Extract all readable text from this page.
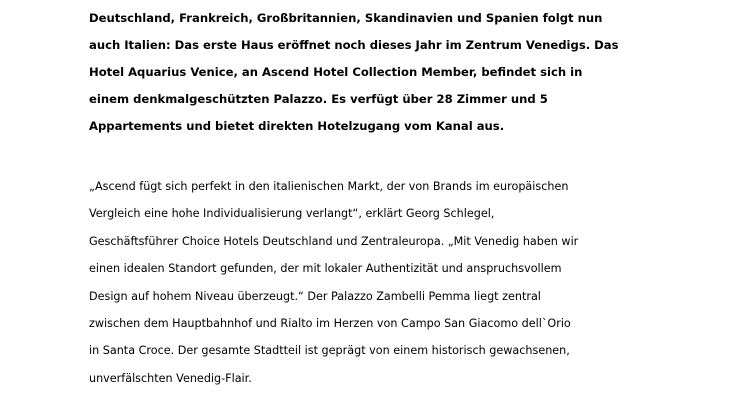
Deutschland, Frankreich, Großbritannien, Skandinavien und Spanien folgt nun
auch Italien: Das erste Haus eröffnet noch dieses Jahr im Zentrum Venedigs. Das
Hotel Aquarius Venice, an Ascend Hotel Collection Member, befindet sich in
einem denkmalgeschützten Palazzo. Es verfügt über 28 Zimmer und 5
Appartements und bietet direkten Hotelzugang vom Kanal aus.

„Ascend fügt sich perfekt in den italienischen Markt, der von Brands im europäischen
Vergleich eine hohe Individualisierung verlangt“, erklärt Georg Schlegel,
Geschäftsführer Choice Hotels Deutschland und Zentraleuropa. „Mit Venedig haben wir
einen idealen Standort gefunden, der mit lokaler Authentizität und anspruchsvollem
Design auf hohem Niveau überzeugt.“ Der Palazzo Zambelli Pemma liegt zentral
zwischen dem Hauptbahnhof und Rialto im Herzen von Campo San Giacomo dell`Orio
in Santa Croce. Der gesamte Stadtteil ist geprägt von einem historisch gewachsenen,
unverfälschten Venedig-Flair.
